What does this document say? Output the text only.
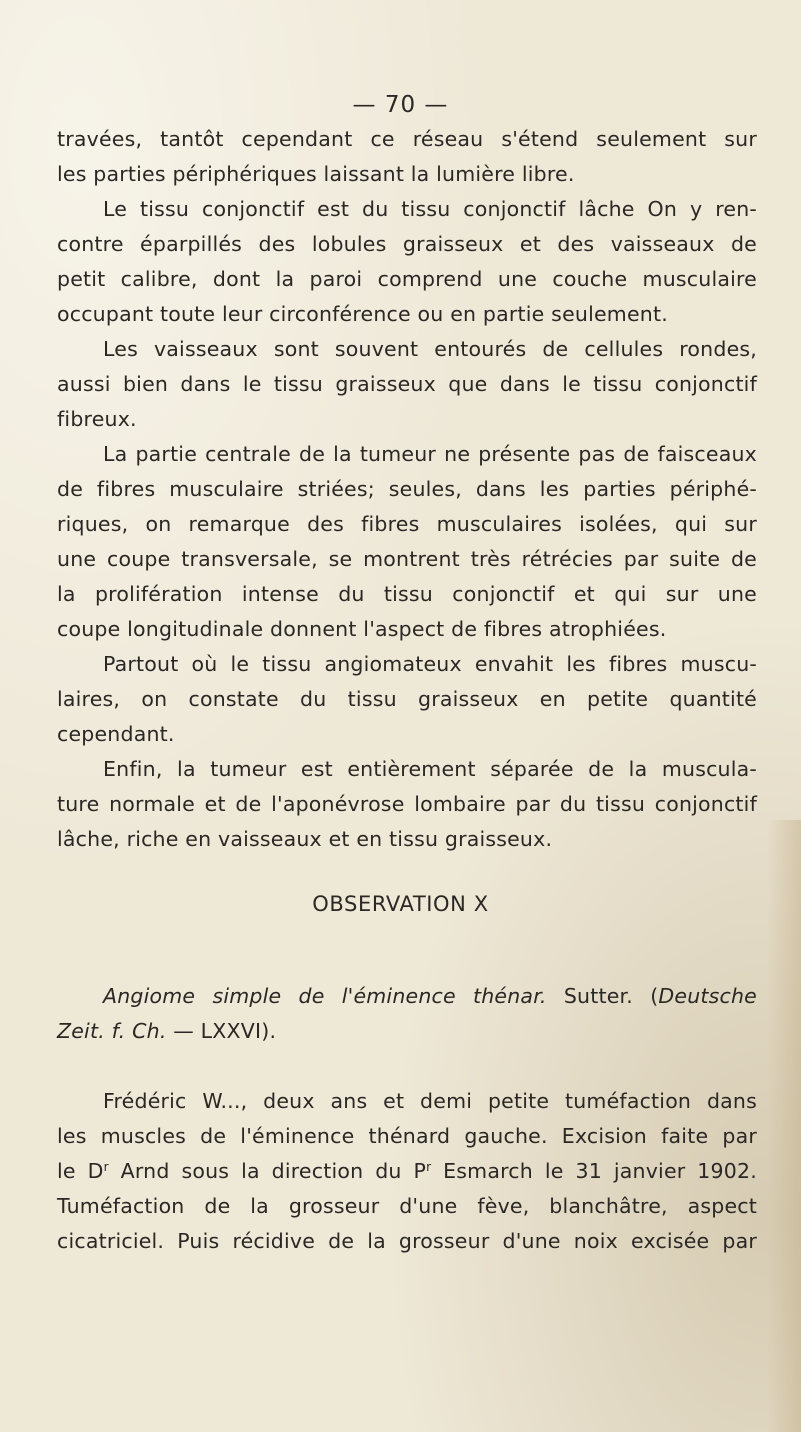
— 70 —

travées, tantôt cependant ce réseau s'étend seulement sur
les parties périphériques laissant la lumière libre.

Le tissu conjonctif est du tissu conjonctif lâche On y ren-
contre éparpillés des lobules graisseux et des vaisseaux de
petit calibre, dont la paroi comprend une couche musculaire
occupant toute leur circonférence ou en partie seulement.

Les vaisseaux sont souvent entourés de cellules rondes,
aussi bien dans le tissu graisseux que dans le tissu conjonctif
fibreux.

La partie centrale de la tumeur ne présente pas de faisceaux
de fibres musculaire striées; seules, dans les parties périphé-
riques, on remarque des fibres musculaires isolées, qui sur
une coupe transversale, se montrent très rétrécies par suite de
la prolifération intense du tissu conjonctif et qui sur une
coupe longitudinale donnent l'aspect de fibres atrophiées.

Partout où le tissu angiomateux envahit les fibres muscu-
laires, on constate du tissu graisseux en petite quantité
cependant.

Enfin, la tumeur est entièrement séparée de la muscula-
ture normale et de l'aponévrose lombaire par du tissu conjonctif
lâche, riche en vaisseaux et en tissu graisseux.

OBSERVATION X

Angiome simple de l'éminence thénar. Sutter. (Deutsche
Zeit. f. Ch. — LXXVI).

Frédéric W..., deux ans et demi petite tuméfaction dans
les muscles de l'éminence thénard gauche. Excision faite par
le $D^r$ Arnd sous la direction du $P^r$ Esmarch le 31 janvier 1902.
Tuméfaction de la grosseur d'une fève, blanchâtre, aspect
cicatriciel. Puis récidive de la grosseur d'une noix excisée par
